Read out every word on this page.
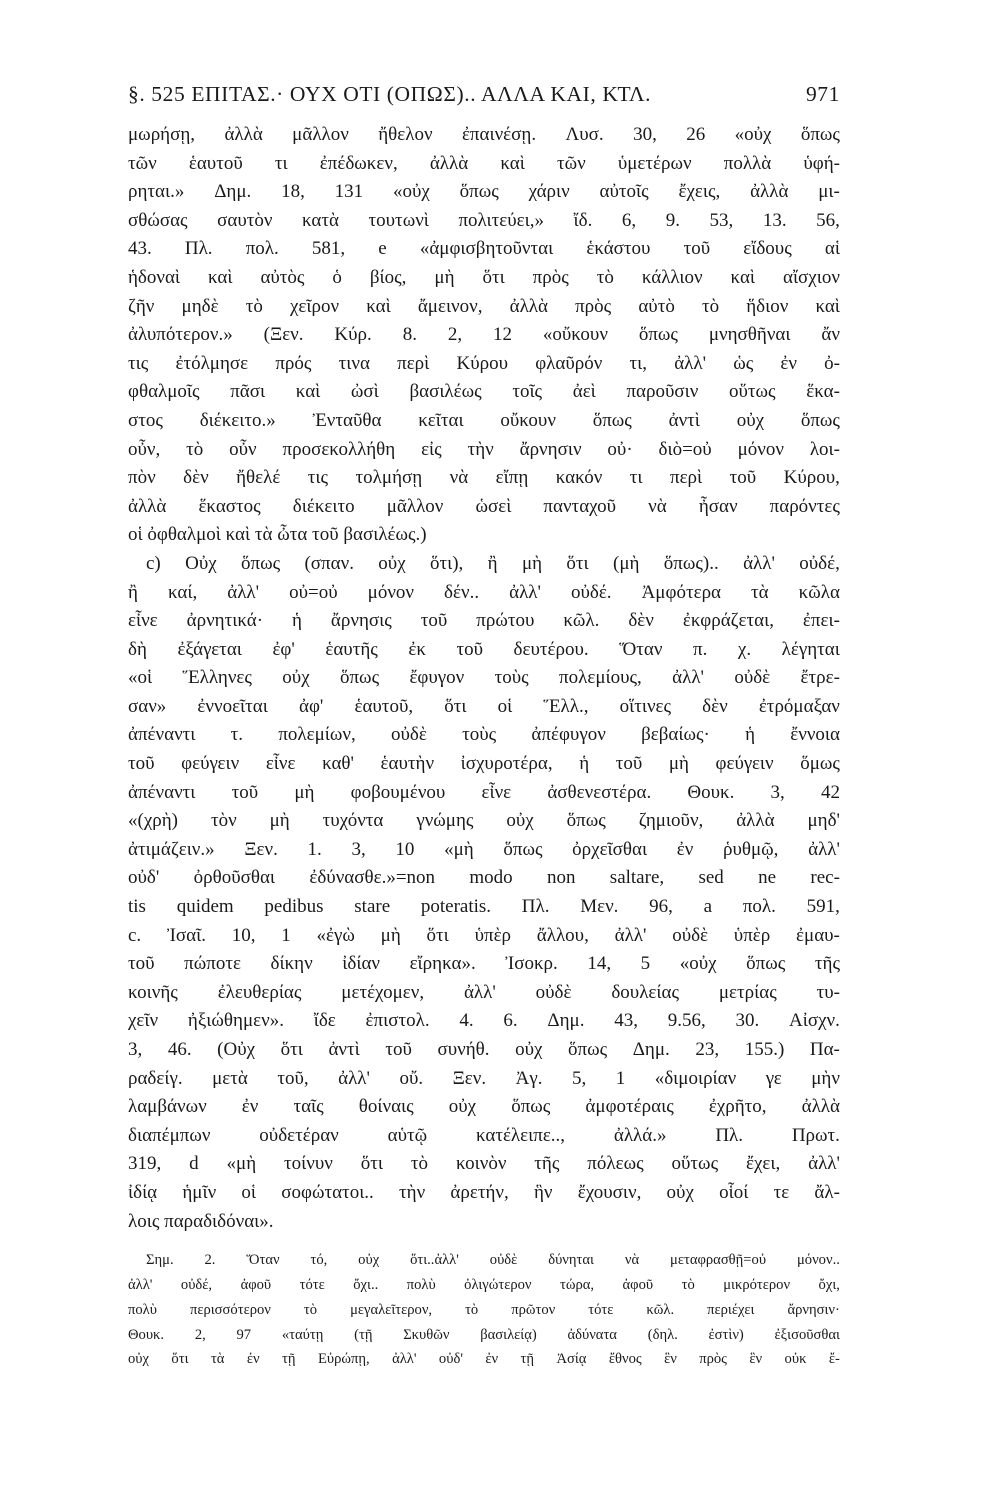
§. 525 ΕΠΙΤΑΣ.· ΟΥΧ ΟΤΙ (ΟΠΩΣ).. ΑΛΛΑ ΚΑΙ, ΚΤΛ.	971
μωρήσῃ, ἀλλὰ μᾶλλον ἤθελον ἐπαινέσῃ. Λυσ. 30, 26 «οὐχ ὅπως
τῶν ἑαυτοῦ τι ἐπέδωκεν, ἀλλὰ καὶ τῶν ὑμετέρων πολλὰ ὑφή-
ρηται.» Δημ. 18, 131 «οὐχ ὅπως χάριν αὐτοῖς ἔχεις, ἀλλὰ μι-
σθώσας σαυτὸν κατὰ τουτωνὶ πολιτεύει,» ἴδ. 6, 9. 53, 13. 56,
43. Πλ. πολ. 581, e «ἀμφισβητοῦνται ἑκάστου τοῦ εἴδους αἱ
ἡδοναὶ καὶ αὐτὸς ὁ βίος, μὴ ὅτι πρὸς τὸ κάλλιον καὶ αἴσχιον
ζῆν μηδὲ τὸ χεῖρον καὶ ἄμεινον, ἀλλὰ πρὸς αὐτὸ τὸ ἥδιον καὶ
ἀλυπότερον.» (Ξεν. Κύρ. 8. 2, 12 «οὔκουν ὅπως μνησθῆναι ἄν
τις ἐτόλμησε πρός τινα περὶ Κύρου φλαῦρόν τι, ἀλλ' ὡς ἐν ὀ-
φθαλμοῖς πᾶσι καὶ ὠσὶ βασιλέως τοῖς ἀεὶ παροῦσιν οὕτως ἕκα-
στος διέκειτο.» Ἐνταῦθα κεῖται οὔκουν ὅπως ἀντὶ οὐχ ὅπως
οὖν, τὸ οὖν προσεκολλήθη εἰς τὴν ἄρνησιν οὐ· διὸ=οὐ μόνον λοι-
πὸν δὲν ἤθελέ τις τολμήσῃ νὰ εἴπῃ κακόν τι περὶ τοῦ Κύρου,
ἀλλὰ ἕκαστος διέκειτο μᾶλλον ὡσεὶ πανταχοῦ νὰ ἦσαν παρόντες
οἱ ὀφθαλμοὶ καὶ τὰ ὦτα τοῦ βασιλέως.)
c) Οὐχ ὅπως (σπαν. οὐχ ὅτι), ἢ μὴ ὅτι (μὴ ὅπως).. ἀλλ' οὐδέ,
ἢ καί, ἀλλ' οὐ=οὐ μόνον δέν.. ἀλλ' οὐδέ. Ἀμφότερα τὰ κῶλα
εἶνε ἀρνητικά· ἡ ἄρνησις τοῦ πρώτου κῶλ. δὲν ἐκφράζεται, ἐπει-
δὴ ἐξάγεται ἐφ' ἑαυτῆς ἐκ τοῦ δευτέρου. Ὅταν π. χ. λέγηται
«οἱ Ἕλληνες οὐχ ὅπως ἔφυγον τοὺς πολεμίους, ἀλλ' οὐδὲ ἔτρε-
σαν» ἐννοεῖται ἀφ' ἑαυτοῦ, ὅτι οἱ Ἕλλ., οἵτινες δὲν ἐτρόμαξαν
ἀπέναντι τ. πολεμίων, οὐδὲ τοὺς ἀπέφυγον βεβαίως· ἡ ἔννοια
τοῦ φεύγειν εἶνε καθ' ἑαυτὴν ἰσχυροτέρα, ἡ τοῦ μὴ φεύγειν ὅμως
ἀπέναντι τοῦ μὴ φοβουμένου εἶνε ἀσθενεστέρα. Θουκ. 3, 42
«(χρὴ) τὸν μὴ τυχόντα γνώμης οὐχ ὅπως ζημιοῦν, ἀλλὰ μηδ'
ἀτιμάζειν.» Ξεν. 1. 3, 10 «μὴ ὅπως ὀρχεῖσθαι ἐν ῥυθμῷ, ἀλλ'
οὐδ' ὀρθοῦσθαι ἐδύνασθε.»=non modo non saltare, sed ne rec-
tis quidem pedibus stare poteratis. Πλ. Μεν. 96, a πολ. 591,
c. Ἰσαῖ. 10, 1 «ἐγὼ μὴ ὅτι ὑπὲρ ἄλλου, ἀλλ' οὐδὲ ὑπὲρ ἐμαυ-
τοῦ πώποτε δίκην ἰδίαν εἴρηκα». Ἰσοκρ. 14, 5 «οὐχ ὅπως τῆς
κοινῆς ἐλευθερίας μετέχομεν, ἀλλ' οὐδὲ δουλείας μετρίας τυ-
χεῖν ἠξιώθημεν». ἴδε ἐπιστολ. 4. 6. Δημ. 43, 9.56, 30. Αἰσχν.
3, 46. (Οὐχ ὅτι ἀντὶ τοῦ συνήθ. οὐχ ὅπως Δημ. 23, 155.) Πα-
ραδείγ. μετὰ τοῦ, ἀλλ' οὔ. Ξεν. Ἀγ. 5, 1 «διμοιρίαν γε μὴν
λαμβάνων ἐν ταῖς θοίναις οὐχ ὅπως ἀμφοτέραις ἐχρῆτο, ἀλλὰ
διαπέμπων	οὐδετέραν	αὑτῷ	κατέλειπε..,	ἀλλά.»	Πλ.	Πρωτ.
319, d «μὴ τοίνυν ὅτι τὸ κοινὸν τῆς πόλεως οὕτως ἔχει, ἀλλ'
ἰδίᾳ ἡμῖν οἱ σοφώτατοι.. τὴν ἀρετήν, ἣν ἔχουσιν, οὐχ οἷοί τε ἄλ-
λοις παραδιδόναι».
Σημ. 2. Ὅταν τό, οὐχ ὅτι..ἀλλ' οὐδὲ δύνηται νὰ μεταφρασθῇ=οὐ μόνον..
ἀλλ' οὐδέ, ἀφοῦ τότε ὄχι.. πολὺ ὀλιγώτερον τώρα, ἀφοῦ τὸ μικρότερον ὄχι,
πολὺ περισσότερον τὸ μεγαλεῖτερον, τὸ πρῶτον τότε κῶλ. περιέχει ἄρνησιν·
Θουκ. 2, 97 «ταύτῃ (τῇ Σκυθῶν βασιλείᾳ) ἀδύνατα (δηλ. ἐστὶν) ἐξισοῦσθαι
οὐχ ὅτι τὰ ἐν τῇ Εὐρώπῃ, ἀλλ' οὐδ' ἐν τῇ Ἀσίᾳ ἔθνος ἓν πρὸς ἓν οὐκ ἔ-
